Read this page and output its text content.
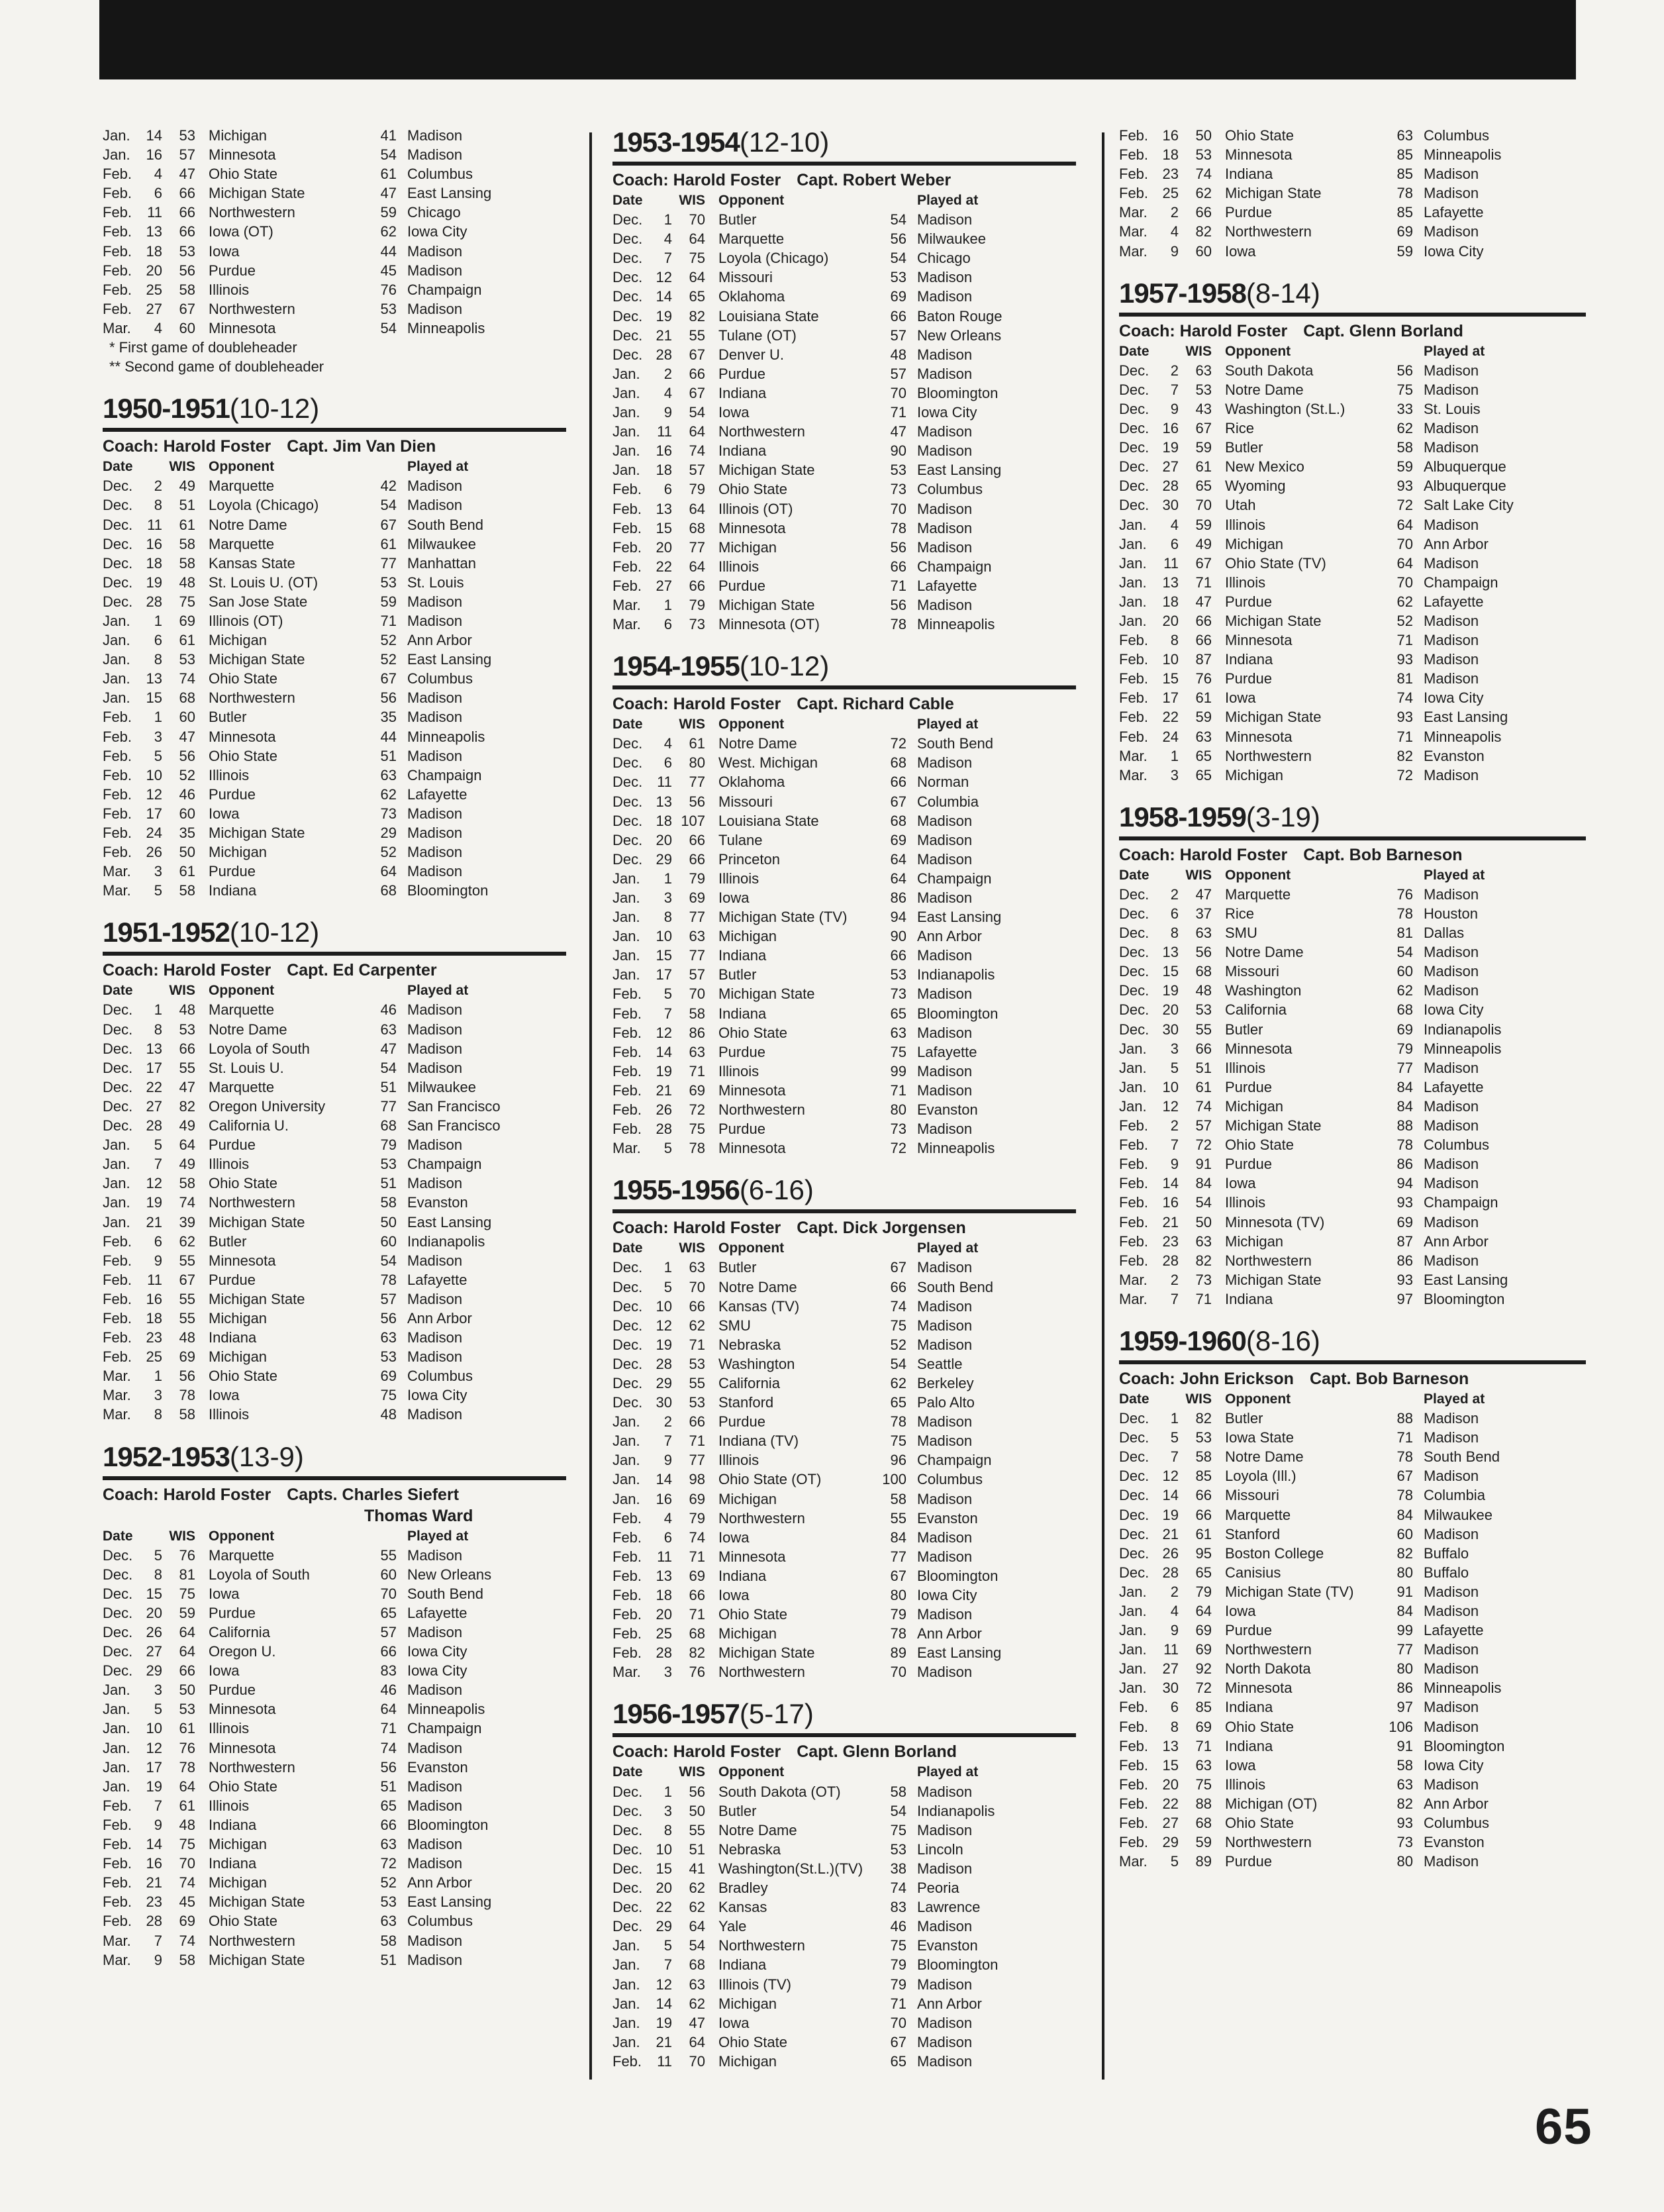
Jan.	14	53 Michigan	41 Madison
Jan.	16	57 Minnesota	54 Madison
Feb.	4	47 Ohio State	61 Columbus
Feb.	6	66 Michigan State	47 East Lansing
Feb.	11	66 Northwestern	59 Chicago
Feb. 13	66 Iowa (OT)	62 Iowa City
Feb. 18	53 Iowa	44 Madison
Feb. 20	56 Purdue	45 Madison
Feb. 25	58 Illinois	76 Champaign
Feb. 27	67 Northwestern	53 Madison
Mar.	4	60 Minnesota	54 Minneapolis
* First game of doubleheader
** Second game of doubleheader
1950-1951(10-12)
Coach: Harold Foster Capt. Jim Van Dien
Date	WIS Opponent	Played at
Dec.	2	49 Marquette	42 Madison
Dec.	8	51 Loyola (Chicago)	54 Madison
Dec. 11	61 Notre Dame	67 South Bend
Dec. 16	58 Marquette	61 Milwaukee
Dec. 18	58 Kansas State	77 Manhattan
Dec. 19	48 St. Louis U. (OT)	53 St. Louis
Dec. 28	75 San Jose State	59 Madison
Jan.	1	69 Illinois (OT)	71 Madison
Jan.	6	61 Michigan	52 Ann Arbor
Jan.	8	53 Michigan State	52 East Lansing
Jan.	13	74 Ohio State	67 Columbus
Jan.	15	68 Northwestern	56 Madison
Feb.	1	60 Butler	35 Madison
Feb.	3	47 Minnesota	44 Minneapolis
Feb.	5	56 Ohio State	51 Madison
Feb. 10	52 Illinois	63 Champaign
Feb. 12	46 Purdue	62 Lafayette
Feb. 17	60 Iowa	73 Madison
Feb. 24	35 Michigan State	29 Madison
Feb. 26	50 Michigan	52 Madison
Mar.	3	61 Purdue	64 Madison
Mar.	5	58 Indiana	68 Bloomington
1951-1952(10-12)
Coach: Harold Foster Capt. Ed Carpenter
Date	WIS Opponent	Played at
Dec.	1	48 Marquette	46 Madison
Dec.	8	53 Notre Dame	63 Madison
Dec. 13	66 Loyola of South	47 Madison
Dec. 17	55 St. Louis U.	54 Madison
Dec. 22	47 Marquette	51 Milwaukee
Dec. 27	82 Oregon University	77 San Francisco
Dec. 28	49 California U.	68 San Francisco
Jan.	5	64 Purdue	79 Madison
Jan.	7	49 Illinois	53 Champaign
Jan.	12	58 Ohio State	51 Madison
Jan.	19	74 Northwestern	58 Evanston
Jan.	21	39 Michigan State	50 East Lansing
Feb.	6	62 Butler	60 Indianapolis
Feb.	9	55 Minnesota	54 Madison
Feb.	11	67 Purdue	78 Lafayette
Feb. 16	55 Michigan State	57 Madison
Feb. 18	55 Michigan	56 Ann Arbor
Feb. 23	48 Indiana	63 Madison
Feb. 25	69 Michigan	53 Madison
Mar.	1	56 Ohio State	69 Columbus
Mar.	3	78 Iowa	75 Iowa City
Mar.	8	58 Illinois	48 Madison
1952-1953(13-9)
Coach: Harold Foster Capts. Charles Siefert
Thomas Ward
Date	WIS Opponent	Played at
Dec.	5	76 Marquette	55 Madison
Dec.	8	81 Loyola of South	60 New Orleans
Dec. 15	75 Iowa	70 South Bend
Dec. 20	59 Purdue	65 Lafayette
Dec. 26	64 California	57 Madison
Dec. 27	64 Oregon U.	66 Iowa City
Dec. 29	66 Iowa	83 Iowa City
Jan.	3	50 Purdue	46 Madison
Jan.	5	53 Minnesota	64 Minneapolis
Jan.	10	61 Illinois	71 Champaign
Jan.	12	76 Minnesota	74 Madison
Jan.	17	78 Northwestern	56 Evanston
Jan.	19	64 Ohio State	51 Madison
Feb.	7	61 Illinois	65 Madison
Feb.	9	48 Indiana	66 Bloomington
Feb. 14	75 Michigan	63 Madison
Feb. 16	70 Indiana	72 Madison
Feb. 21	74 Michigan	52 Ann Arbor
Feb. 23	45 Michigan State	53 East Lansing
Feb. 28	69 Ohio State	63 Columbus
Mar.	7	74 Northwestern	58 Madison
Mar.	9	58 Michigan State	51 Madison
1953-1954(12-10)
Coach: Harold Foster Capt. Robert Weber
Date	WIS Opponent	Played at
Dec.	1	70 Butler	54 Madison
Dec.	4	64 Marquette	56 Milwaukee
Dec.	7	75 Loyola (Chicago)	54 Chicago
Dec. 12	64 Missouri	53 Madison
Dec. 14	65 Oklahoma	69 Madison
Dec. 19	82 Louisiana State	66 Baton Rouge
Dec. 21	55 Tulane (OT)	57 New Orleans
Dec. 28	67 Denver U.	48 Madison
Jan.	2	66 Purdue	57 Madison
Jan.	4	67 Indiana	70 Bloomington
Jan.	9	54 Iowa	71 Iowa City
Jan.	11	64 Northwestern	47 Madison
Jan.	16	74 Indiana	90 Madison
Jan.	18	57 Michigan State	53 East Lansing
Feb.	6	79 Ohio State	73 Columbus
Feb. 13	64 Illinois (OT)	70 Madison
Feb. 15	68 Minnesota	78 Madison
Feb. 20	77 Michigan	56 Madison
Feb. 22	64 Illinois	66 Champaign
Feb. 27	66 Purdue	71 Lafayette
Mar.	1	79 Michigan State	56 Madison
Mar.	6	73 Minnesota (OT)	78 Minneapolis
1954-1955(10-12)
Coach: Harold Foster Capt. Richard Cable
Date	WIS Opponent	Played at
Dec.	4	61 Notre Dame	72 South Bend
Dec.	6	80 West. Michigan	68 Madison
Dec. 11	77 Oklahoma	66 Norman
Dec. 13	56 Missouri	67 Columbia
Dec. 18 107 Louisiana State	68 Madison
Dec. 20	66 Tulane	69 Madison
Dec. 29	66 Princeton	64 Madison
Jan.	1	79 Illinois	64 Champaign
Jan.	3	69 Iowa	86 Madison
Jan.	8	77 Michigan State (TV)	94 East Lansing
Jan.	10	63 Michigan	90 Ann Arbor
Jan.	15	77 Indiana	66 Madison
Jan.	17	57 Butler	53 Indianapolis
Feb.	5	70 Michigan State	73 Madison
Feb.	7	58 Indiana	65 Bloomington
Feb. 12	86 Ohio State	63 Madison
Feb. 14	63 Purdue	75 Lafayette
Feb. 19	71 Illinois	99 Madison
Feb. 21	69 Minnesota	71 Madison
Feb. 26	72 Northwestern	80 Evanston
Feb. 28	75 Purdue	73 Madison
Mar.	5	78 Minnesota	72 Minneapolis
1955-1956(6-16)
Coach: Harold Foster Capt. Dick Jorgensen
Date	WIS Opponent	Played at
Dec.	1	63 Butler	67 Madison
Dec.	5	70 Notre Dame	66 South Bend
Dec. 10	66 Kansas (TV)	74 Madison
Dec. 12	62 SMU	75 Madison
Dec. 19	71 Nebraska	52 Madison
Dec. 28	53 Washington	54 Seattle
Dec. 29	55 California	62 Berkeley
Dec. 30	53 Stanford	65 Palo Alto
Jan.	2	66 Purdue	78 Madison
Jan.	7	71 Indiana (TV)	75 Madison
Jan.	9	77 Illinois	96 Champaign
Jan.	14	98 Ohio State (OT)	100 Columbus
Jan.	16	69 Michigan	58 Madison
Feb.	4	79 Northwestern	55 Evanston
Feb.	6	74 Iowa	84 Madison
Feb.	11	71 Minnesota	77 Madison
Feb. 13	69 Indiana	67 Bloomington
Feb. 18	66 Iowa	80 Iowa City
Feb. 20	71 Ohio State	79 Madison
Feb. 25	68 Michigan	78 Ann Arbor
Feb. 28	82 Michigan State	89 East Lansing
Mar.	3	76 Northwestern	70 Madison
1956-1957(5-17)
Coach: Harold Foster Capt. Glenn Borland
Date	WIS Opponent	Played at
Dec.	1	56 South Dakota (OT)	58 Madison
Dec.	3	50 Butler	54 Indianapolis
Dec.	8	55 Notre Dame	75 Madison
Dec. 10	51 Nebraska	53 Lincoln
Dec. 15	41 Washington(St.L.)(TV)	38 Madison
Dec. 20	62 Bradley	74 Peoria
Dec. 22	62 Kansas	83 Lawrence
Dec. 29	64 Yale	46 Madison
Jan.	5	54 Northwestern	75 Evanston
Jan.	7	68 Indiana	79 Bloomington
Jan.	12	63 Illinois (TV)	79 Madison
Jan.	14	62 Michigan	71 Ann Arbor
Jan.	19	47 Iowa	70 Madison
Jan.	21	64 Ohio State	67 Madison
Feb.	11	70 Michigan	65 Madison
Feb. 16	50 Ohio State	63 Columbus
Feb. 18	53 Minnesota	85 Minneapolis
Feb. 23	74 Indiana	85 Madison
Feb. 25	62 Michigan State	78 Madison
Mar.	2	66 Purdue	85 Lafayette
Mar.	4	82 Northwestern	69 Madison
Mar.	9	60 Iowa	59 Iowa City
1957-1958(8-14)
Coach: Harold Foster Capt. Glenn Borland
Date	WIS Opponent	Played at
Dec.	2	63 South Dakota	56 Madison
Dec.	7	53 Notre Dame	75 Madison
Dec.	9	43 Washington (St.L.)	33 St. Louis
Dec. 16	67 Rice	62 Madison
Dec. 19	59 Butler	58 Madison
Dec. 27	61 New Mexico	59 Albuquerque
Dec. 28	65 Wyoming	93 Albuquerque
Dec. 30	70 Utah	72 Salt Lake City
Jan.	4	59 Illinois	64 Madison
Jan.	6	49 Michigan	70 Ann Arbor
Jan.	11	67 Ohio State (TV)	64 Madison
Jan.	13	71 Illinois	70 Champaign
Jan.	18	47 Purdue	62 Lafayette
Jan.	20	66 Michigan State	52 Madison
Feb.	8	66 Minnesota	71 Madison
Feb. 10	87 Indiana	93 Madison
Feb. 15	76 Purdue	81 Madison
Feb. 17	61 Iowa	74 Iowa City
Feb. 22	59 Michigan State	93 East Lansing
Feb. 24	63 Minnesota	71 Minneapolis
Mar.	1	65 Northwestern	82 Evanston
Mar.	3	65 Michigan	72 Madison
1958-1959(3-19)
Coach: Harold Foster Capt. Bob Barneson
Date	WIS Opponent	Played at
Dec.	2	47 Marquette	76 Madison
Dec.	6	37 Rice	78 Houston
Dec.	8	63 SMU	81 Dallas
Dec. 13	56 Notre Dame	54 Madison
Dec. 15	68 Missouri	60 Madison
Dec. 19	48 Washington	62 Madison
Dec. 20	53 California	68 Iowa City
Dec. 30	55 Butler	69 Indianapolis
Jan.	3	66 Minnesota	79 Minneapolis
Jan.	5	51 Illinois	77 Madison
Jan.	10	61 Purdue	84 Lafayette
Jan.	12	74 Michigan	84 Madison
Feb.	2	57 Michigan State	88 Madison
Feb.	7	72 Ohio State	78 Columbus
Feb.	9	91 Purdue	86 Madison
Feb. 14	84 Iowa	94 Madison
Feb. 16	54 Illinois	93 Champaign
Feb. 21	50 Minnesota (TV)	69 Madison
Feb. 23	63 Michigan	87 Ann Arbor
Feb. 28	82 Northwestern	86 Madison
Mar.	2	73 Michigan State	93 East Lansing
Mar.	7	71 Indiana	97 Bloomington
1959-1960(8-16)
Coach: John Erickson Capt. Bob Barneson
Date	WIS Opponent	Played at
Dec.	1	82 Butler	88 Madison
Dec.	5	53 Iowa State	71 Madison
Dec.	7	58 Notre Dame	78 South Bend
Dec. 12	85 Loyola (Ill.)	67 Madison
Dec. 14	66 Missouri	78 Columbia
Dec. 19	66 Marquette	84 Milwaukee
Dec. 21	61 Stanford	60 Madison
Dec. 26	95 Boston College	82 Buffalo
Dec. 28	65 Canisius	80 Buffalo
Jan.	2	79 Michigan State (TV)	91 Madison
Jan.	4	64 Iowa	84 Madison
Jan.	9	69 Purdue	99 Lafayette
Jan.	11	69 Northwestern	77 Madison
Jan.	27	92 North Dakota	80 Madison
Jan.	30	72 Minnesota	86 Minneapolis
Feb.	6	85 Indiana	97 Madison
Feb.	8	69 Ohio State	106 Madison
Feb. 13	71 Indiana	91 Bloomington
Feb. 15	63 Iowa	58 Iowa City
Feb. 20	75 Illinois	63 Madison
Feb. 22	88 Michigan (OT)	82 Ann Arbor
Feb. 27	68 Ohio State	93 Columbus
Feb. 29	59 Northwestern	73 Evanston
Mar.	5	89 Purdue	80 Madison
65
